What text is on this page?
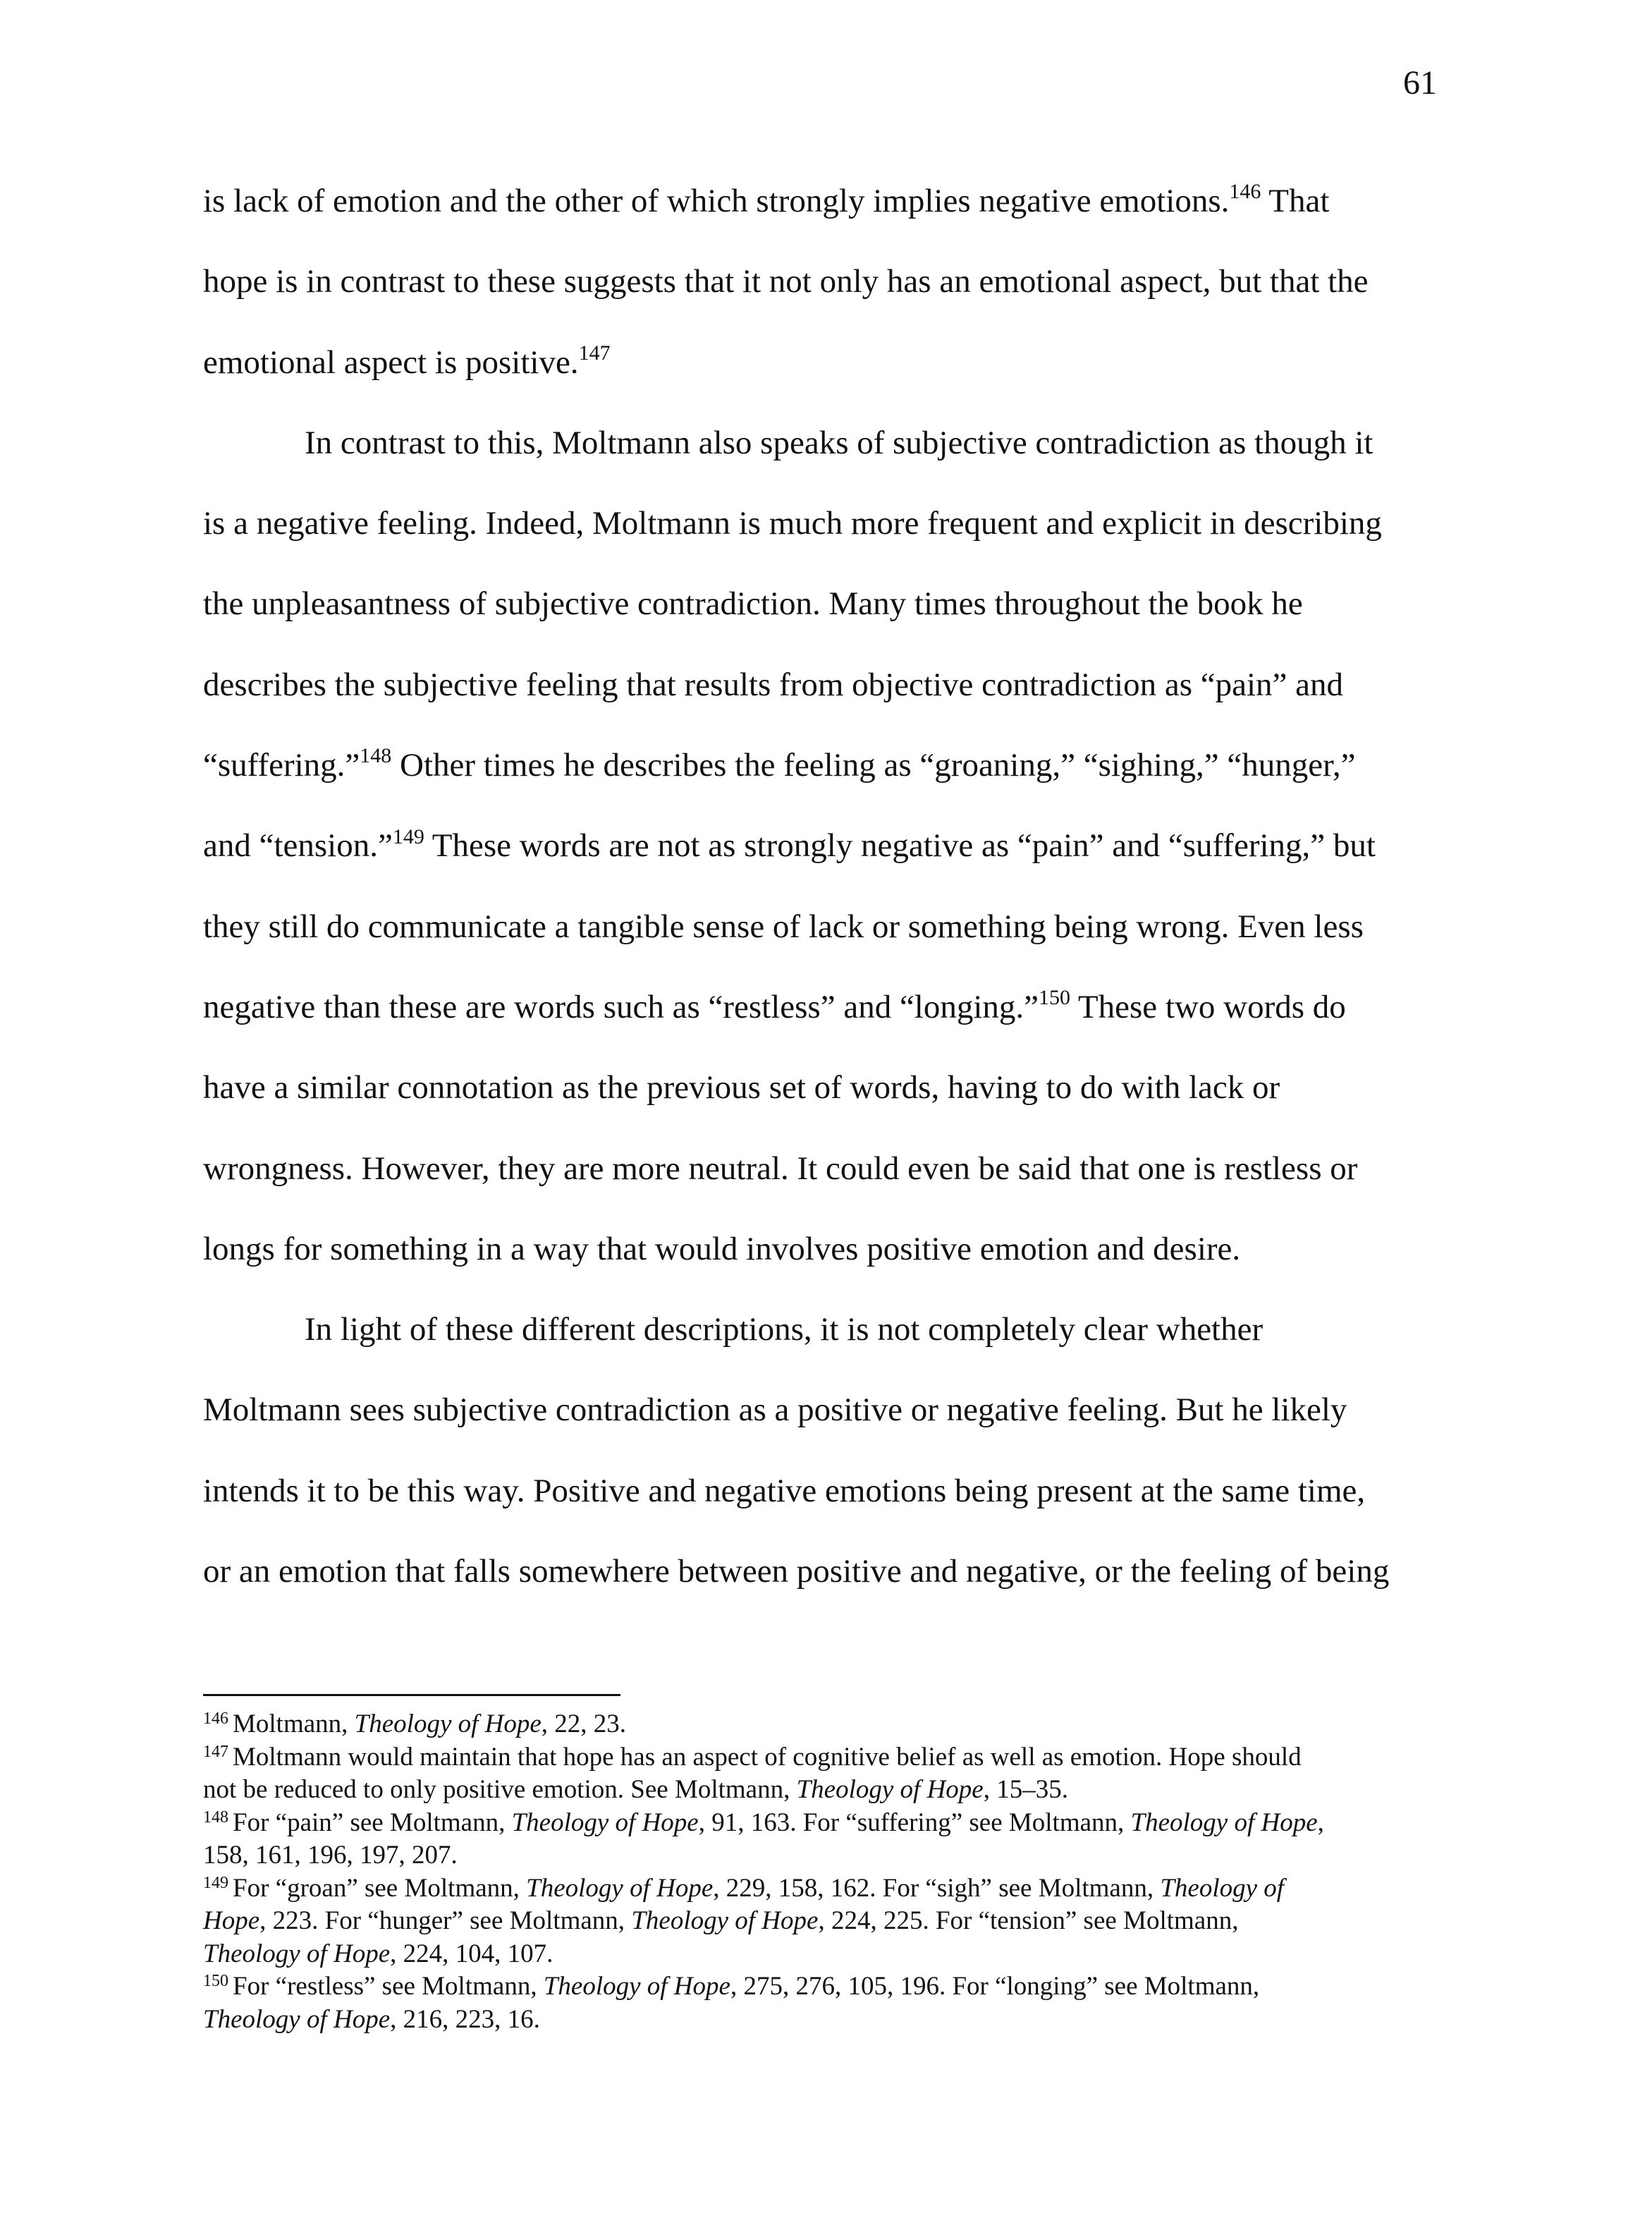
61
is lack of emotion and the other of which strongly implies negative emotions.$^{146}$ That
hope is in contrast to these suggests that it not only has an emotional aspect, but that the
emotional aspect is positive.$^{147}$
In contrast to this, Moltmann also speaks of subjective contradiction as though it
is a negative feeling. Indeed, Moltmann is much more frequent and explicit in describing
the unpleasantness of subjective contradiction. Many times throughout the book he
describes the subjective feeling that results from objective contradiction as “pain” and
“suffering.”$^{148}$ Other times he describes the feeling as “groaning,” “sighing,” “hunger,”
and “tension.”$^{149}$ These words are not as strongly negative as “pain” and “suffering,” but
they still do communicate a tangible sense of lack or something being wrong. Even less
negative than these are words such as “restless” and “longing.”$^{150}$ These two words do
have a similar connotation as the previous set of words, having to do with lack or
wrongness. However, they are more neutral. It could even be said that one is restless or
longs for something in a way that would involves positive emotion and desire.
In light of these different descriptions, it is not completely clear whether
Moltmann sees subjective contradiction as a positive or negative feeling. But he likely
intends it to be this way. Positive and negative emotions being present at the same time,
or an emotion that falls somewhere between positive and negative, or the feeling of being
$^{146}$ Moltmann, Theology of Hope, 22, 23.
$^{147}$ Moltmann would maintain that hope has an aspect of cognitive belief as well as emotion. Hope should
not be reduced to only positive emotion. See Moltmann, Theology of Hope, 15–35.
$^{148}$ For “pain” see Moltmann, Theology of Hope, 91, 163. For “suffering” see Moltmann, Theology of Hope,
158, 161, 196, 197, 207.
$^{149}$ For “groan” see Moltmann, Theology of Hope, 229, 158, 162. For “sigh” see Moltmann, Theology of
Hope, 223. For “hunger” see Moltmann, Theology of Hope, 224, 225. For “tension” see Moltmann,
Theology of Hope, 224, 104, 107.
$^{150}$ For “restless” see Moltmann, Theology of Hope, 275, 276, 105, 196. For “longing” see Moltmann,
Theology of Hope, 216, 223, 16.
